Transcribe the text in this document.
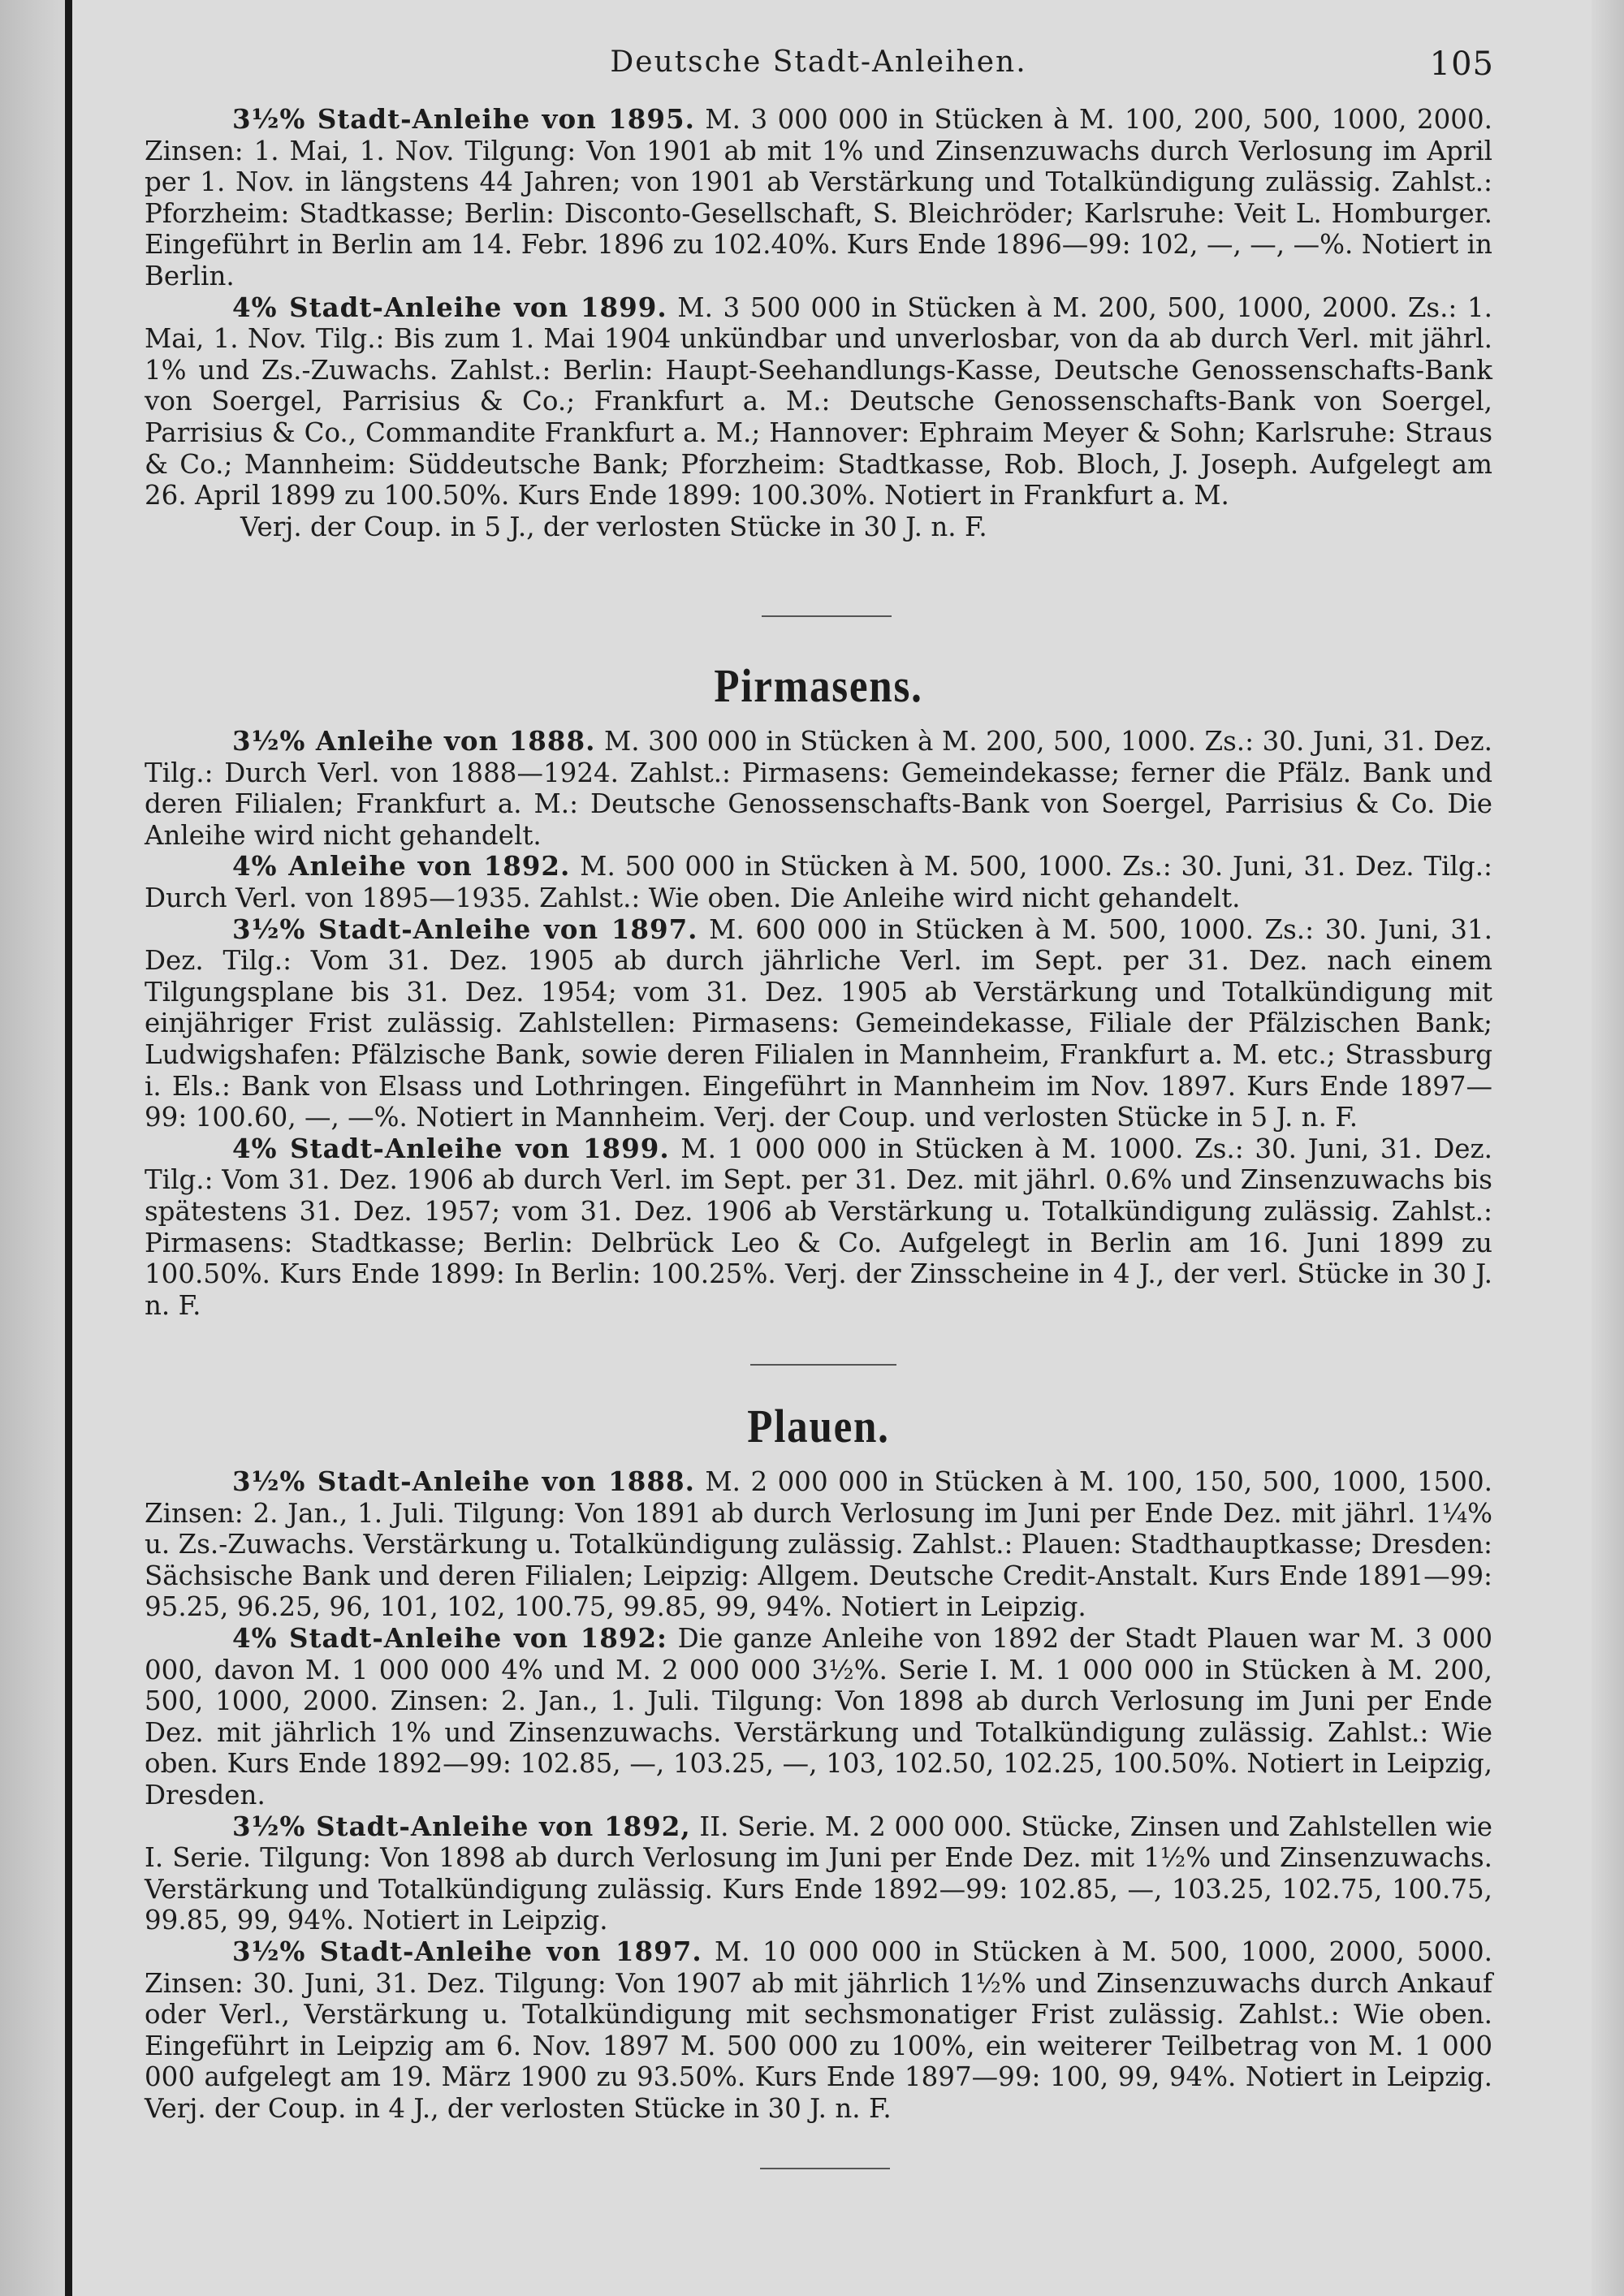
Deutsche Stadt-Anleihen.	105

3½% Stadt-Anleihe von 1895. M. 3 000 000 in Stücken à M. 100, 200, 500, 1000, 2000. Zinsen: 1. Mai, 1. Nov. Tilgung: Von 1901 ab mit 1% und Zinsenzuwachs durch Verlosung im April per 1. Nov. in längstens 44 Jahren; von 1901 ab Verstärkung und Totalkündigung zulässig. Zahlst.: Pforzheim: Stadtkasse; Berlin: Disconto-Gesellschaft, S. Bleichröder; Karlsruhe: Veit L. Homburger. Eingeführt in Berlin am 14. Febr. 1896 zu 102.40%. Kurs Ende 1896—99: 102, —, —, —%. Notiert in Berlin.

4% Stadt-Anleihe von 1899. M. 3 500 000 in Stücken à M. 200, 500, 1000, 2000. Zs.: 1. Mai, 1. Nov. Tilg.: Bis zum 1. Mai 1904 unkündbar und unverlosbar, von da ab durch Verl. mit jährl. 1% und Zs.-Zuwachs. Zahlst.: Berlin: Haupt-Seehandlungs-Kasse, Deutsche Genossenschafts-Bank von Soergel, Parrisius & Co.; Frankfurt a. M.: Deutsche Genossenschafts-Bank von Soergel, Parrisius & Co., Commandite Frankfurt a. M.; Hannover: Ephraim Meyer & Sohn; Karlsruhe: Straus & Co.; Mannheim: Süddeutsche Bank; Pforzheim: Stadtkasse, Rob. Bloch, J. Joseph. Aufgelegt am 26. April 1899 zu 100.50%. Kurs Ende 1899: 100.30%. Notiert in Frankfurt a. M.

Verj. der Coup. in 5 J., der verlosten Stücke in 30 J. n. F.

Pirmasens.

3½% Anleihe von 1888. M. 300 000 in Stücken à M. 200, 500, 1000. Zs.: 30. Juni, 31. Dez. Tilg.: Durch Verl. von 1888—1924. Zahlst.: Pirmasens: Gemeindekasse; ferner die Pfälz. Bank und deren Filialen; Frankfurt a. M.: Deutsche Genossenschafts-Bank von Soergel, Parrisius & Co. Die Anleihe wird nicht gehandelt.

4% Anleihe von 1892. M. 500 000 in Stücken à M. 500, 1000. Zs.: 30. Juni, 31. Dez. Tilg.: Durch Verl. von 1895—1935. Zahlst.: Wie oben. Die Anleihe wird nicht gehandelt.

3½% Stadt-Anleihe von 1897. M. 600 000 in Stücken à M. 500, 1000. Zs.: 30. Juni, 31. Dez. Tilg.: Vom 31. Dez. 1905 ab durch jährliche Verl. im Sept. per 31. Dez. nach einem Tilgungsplane bis 31. Dez. 1954; vom 31. Dez. 1905 ab Verstärkung und Totalkündigung mit einjähriger Frist zulässig. Zahlstellen: Pirmasens: Gemeindekasse, Filiale der Pfälzischen Bank; Ludwigshafen: Pfälzische Bank, sowie deren Filialen in Mannheim, Frankfurt a. M. etc.; Strassburg i. Els.: Bank von Elsass und Lothringen. Eingeführt in Mannheim im Nov. 1897. Kurs Ende 1897—99: 100.60, —, —%. Notiert in Mannheim. Verj. der Coup. und verlosten Stücke in 5 J. n. F.

4% Stadt-Anleihe von 1899. M. 1 000 000 in Stücken à M. 1000. Zs.: 30. Juni, 31. Dez. Tilg.: Vom 31. Dez. 1906 ab durch Verl. im Sept. per 31. Dez. mit jährl. 0.6% und Zinsenzuwachs bis spätestens 31. Dez. 1957; vom 31. Dez. 1906 ab Verstärkung u. Totalkündigung zulässig. Zahlst.: Pirmasens: Stadtkasse; Berlin: Delbrück Leo & Co. Aufgelegt in Berlin am 16. Juni 1899 zu 100.50%. Kurs Ende 1899: In Berlin: 100.25%. Verj. der Zinsscheine in 4 J., der verl. Stücke in 30 J. n. F.

Plauen.

3½% Stadt-Anleihe von 1888. M. 2 000 000 in Stücken à M. 100, 150, 500, 1000, 1500. Zinsen: 2. Jan., 1. Juli. Tilgung: Von 1891 ab durch Verlosung im Juni per Ende Dez. mit jährl. 1¼% u. Zs.-Zuwachs. Verstärkung u. Totalkündigung zulässig. Zahlst.: Plauen: Stadthauptkasse; Dresden: Sächsische Bank und deren Filialen; Leipzig: Allgem. Deutsche Credit-Anstalt. Kurs Ende 1891—99: 95.25, 96.25, 96, 101, 102, 100.75, 99.85, 99, 94%. Notiert in Leipzig.

4% Stadt-Anleihe von 1892: Die ganze Anleihe von 1892 der Stadt Plauen war M. 3 000 000, davon M. 1 000 000 4% und M. 2 000 000 3½%. Serie I. M. 1 000 000 in Stücken à M. 200, 500, 1000, 2000. Zinsen: 2. Jan., 1. Juli. Tilgung: Von 1898 ab durch Verlosung im Juni per Ende Dez. mit jährlich 1% und Zinsenzuwachs. Verstärkung und Totalkündigung zulässig. Zahlst.: Wie oben. Kurs Ende 1892—99: 102.85, —, 103.25, —, 103, 102.50, 102.25, 100.50%. Notiert in Leipzig, Dresden.

3½% Stadt-Anleihe von 1892, II. Serie. M. 2 000 000. Stücke, Zinsen und Zahlstellen wie I. Serie. Tilgung: Von 1898 ab durch Verlosung im Juni per Ende Dez. mit 1½% und Zinsenzuwachs. Verstärkung und Totalkündigung zulässig. Kurs Ende 1892—99: 102.85, —, 103.25, 102.75, 100.75, 99.85, 99, 94%. Notiert in Leipzig.

3½% Stadt-Anleihe von 1897. M. 10 000 000 in Stücken à M. 500, 1000, 2000, 5000. Zinsen: 30. Juni, 31. Dez. Tilgung: Von 1907 ab mit jährlich 1½% und Zinsenzuwachs durch Ankauf oder Verl., Verstärkung u. Totalkündigung mit sechsmonatiger Frist zulässig. Zahlst.: Wie oben. Eingeführt in Leipzig am 6. Nov. 1897 M. 500 000 zu 100%, ein weiterer Teilbetrag von M. 1 000 000 aufgelegt am 19. März 1900 zu 93.50%. Kurs Ende 1897—99: 100, 99, 94%. Notiert in Leipzig. Verj. der Coup. in 4 J., der verlosten Stücke in 30 J. n. F.
